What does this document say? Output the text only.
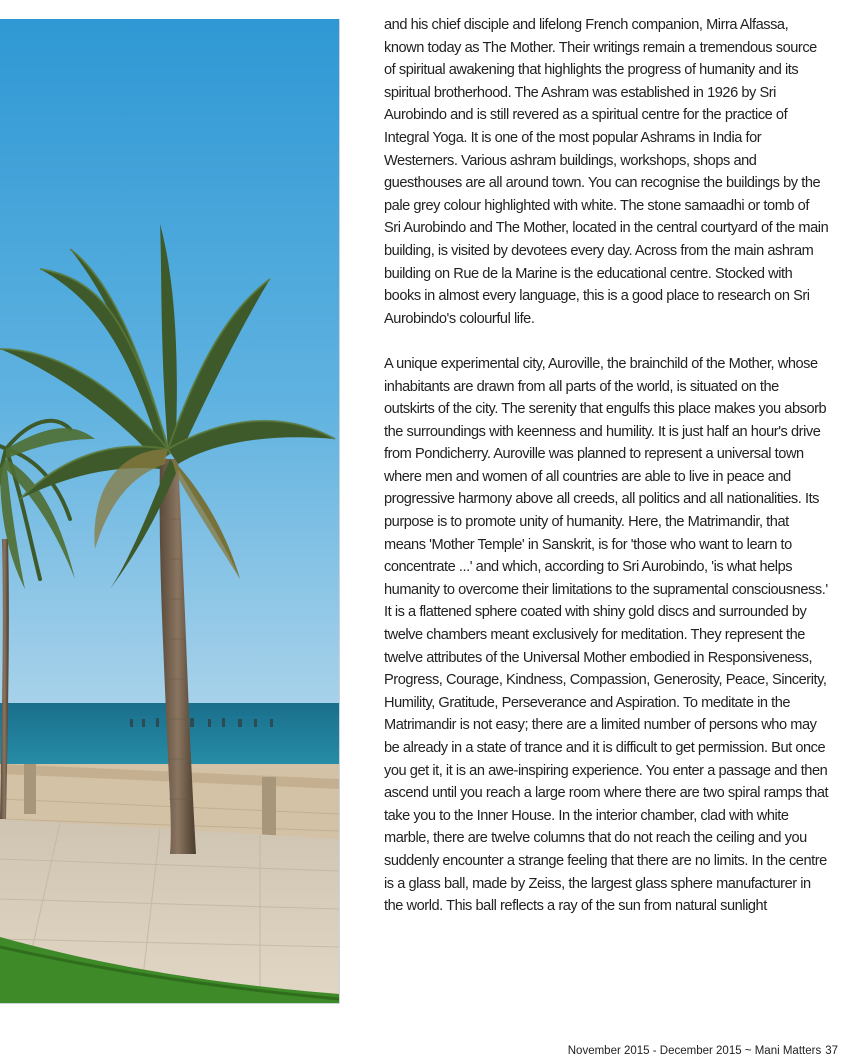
and his chief disciple and lifelong French companion, Mirra Alfassa, known today as The Mother. Their writings remain a tremendous source of spiritual awakening that highlights the progress of humanity and its spiritual brotherhood. The Ashram was established in 1926 by Sri Aurobindo and is still revered as a spiritual centre for the practice of Integral Yoga. It is one of the most popular Ashrams in India for Westerners. Various ashram buildings, workshops, shops and guesthouses are all around town. You can recognise the buildings by the pale grey colour highlighted with white. The stone samaadhi or tomb of Sri Aurobindo and The Mother, located in the central courtyard of the main building, is visited by devotees every day. Across from the main ashram building on Rue de la Marine is the educational centre. Stocked with books in almost every language, this is a good place to research on Sri Aurobindo's colourful life.

A unique experimental city, Auroville, the brainchild of the Mother, whose inhabitants are drawn from all parts of the world, is situated on the outskirts of the city. The serenity that engulfs this place makes you absorb the surroundings with keenness and humility. It is just half an hour's drive from Pondicherry. Auroville was planned to represent a universal town where men and women of all countries are able to live in peace and progressive harmony above all creeds, all politics and all nationalities. Its purpose is to promote unity of humanity. Here, the Matrimandir, that means 'Mother Temple' in Sanskrit, is for 'those who want to learn to concentrate ...' and which, according to Sri Aurobindo, 'is what helps humanity to overcome their limitations to the supramental consciousness.' It is a flattened sphere coated with shiny gold discs and surrounded by twelve chambers meant exclusively for meditation. They represent the twelve attributes of the Universal Mother embodied in Responsiveness, Progress, Courage, Kindness, Compassion, Generosity, Peace, Sincerity, Humility, Gratitude, Perseverance and Aspiration. To meditate in the Matrimandir is not easy; there are a limited number of persons who may be already in a state of trance and it is difficult to get permission. But once you get it, it is an awe-inspiring experience. You enter a passage and then ascend until you reach a large room where there are two spiral ramps that take you to the Inner House. In the interior chamber, clad with white marble, there are twelve columns that do not reach the ceiling and you suddenly encounter a strange feeling that there are no limits. In the centre is a glass ball, made by Zeiss, the largest glass sphere manufacturer in the world. This ball reflects a ray of the sun from natural sunlight

November 2015 - December 2015 ~ Mani Matters 37
